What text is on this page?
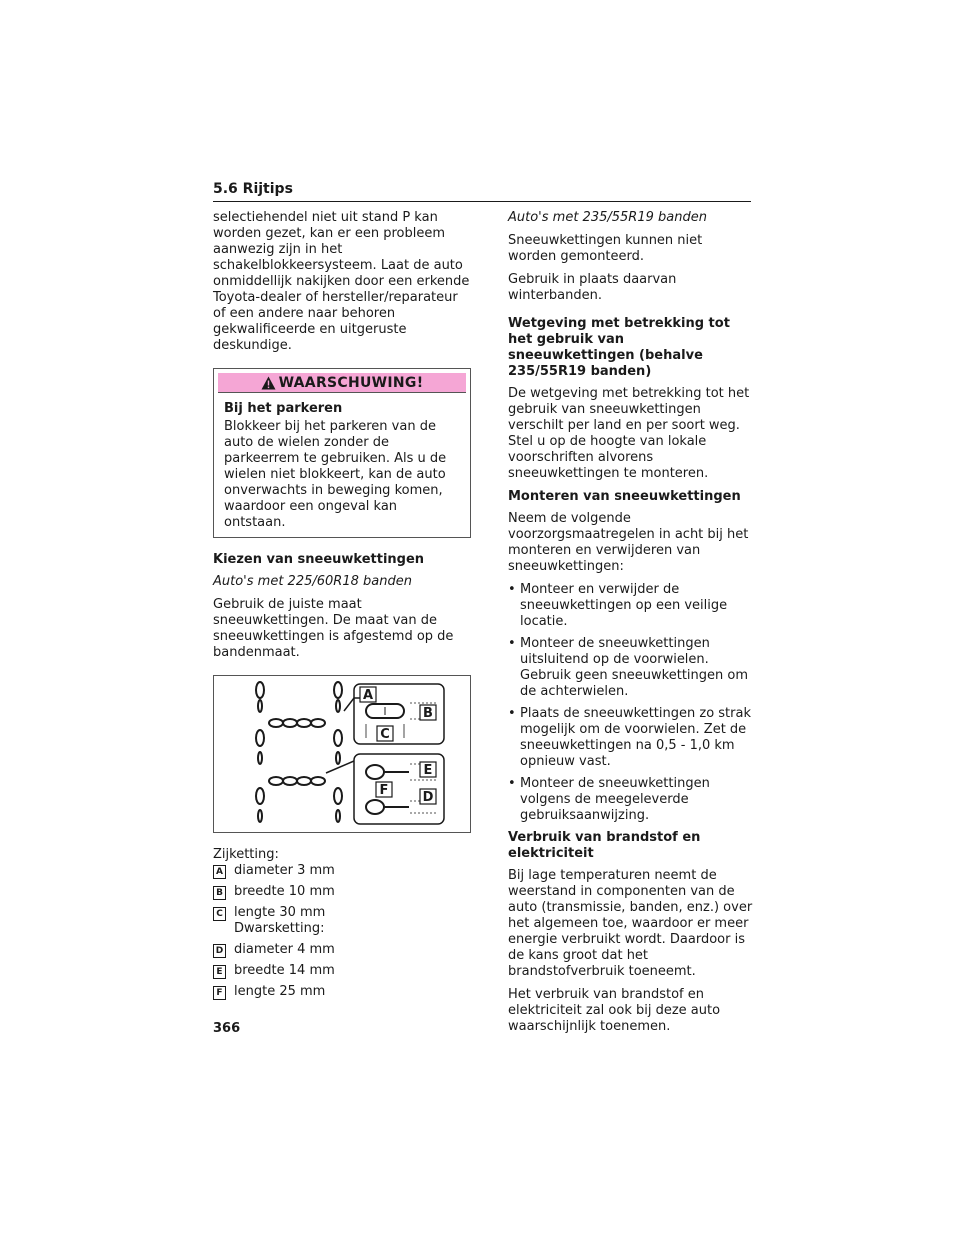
5.6 Rijtips

selectiehendel niet uit stand P kan worden gezet, kan er een probleem aanwezig zijn in het schakelblokkeersysteem. Laat de auto onmiddellijk nakijken door een erkende Toyota-dealer of hersteller/reparateur of een andere naar behoren gekwalificeerde en uitgeruste deskundige.

WAARSCHUWING!
Bij het parkeren

Blokkeer bij het parkeren van de auto de wielen zonder de parkeerrem te gebruiken. Als u de wielen niet blokkeert, kan de auto onverwachts in beweging komen, waardoor een ongeval kan ontstaan.

Kiezen van sneeuwkettingen

Auto's met 225/60R18 banden

Gebruik de juiste maat sneeuwkettingen. De maat van de sneeuwkettingen is afgestemd op de bandenmaat.

A
B
C
E
F	D
Zijketting:
A diameter 3 mm
B breedte 10 mm
C lengte 30 mm
Dwarsketting:
D diameter 4 mm
E breedte 14 mm
F lengte 25 mm

Auto's met 235/55R19 banden

Sneeuwkettingen kunnen niet worden gemonteerd.

Gebruik in plaats daarvan winterbanden.

Wetgeving met betrekking tot het gebruik van sneeuwkettingen (behalve 235/55R19 banden)

De wetgeving met betrekking tot het gebruik van sneeuwkettingen verschilt per land en per soort weg. Stel u op de hoogte van lokale voorschriften alvorens sneeuwkettingen te monteren.

Monteren van sneeuwkettingen

Neem de volgende voorzorgsmaatregelen in acht bij het monteren en verwijderen van sneeuwkettingen:

• Monteer en verwijder de sneeuwkettingen op een veilige locatie.
• Monteer de sneeuwkettingen uitsluitend op de voorwielen. Gebruik geen sneeuwkettingen om de achterwielen.
• Plaats de sneeuwkettingen zo strak mogelijk om de voorwielen. Zet de sneeuwkettingen na 0,5 - 1,0 km opnieuw vast.
• Monteer de sneeuwkettingen volgens de meegeleverde gebruiksaanwijzing.
Verbruik van brandstof en elektriciteit

Bij lage temperaturen neemt de weerstand in componenten van de auto (transmissie, banden, enz.) over het algemeen toe, waardoor er meer energie verbruikt wordt. Daardoor is de kans groot dat het brandstofverbruik toeneemt.

Het verbruik van brandstof en elektriciteit zal ook bij deze auto waarschijnlijk toenemen.

366
